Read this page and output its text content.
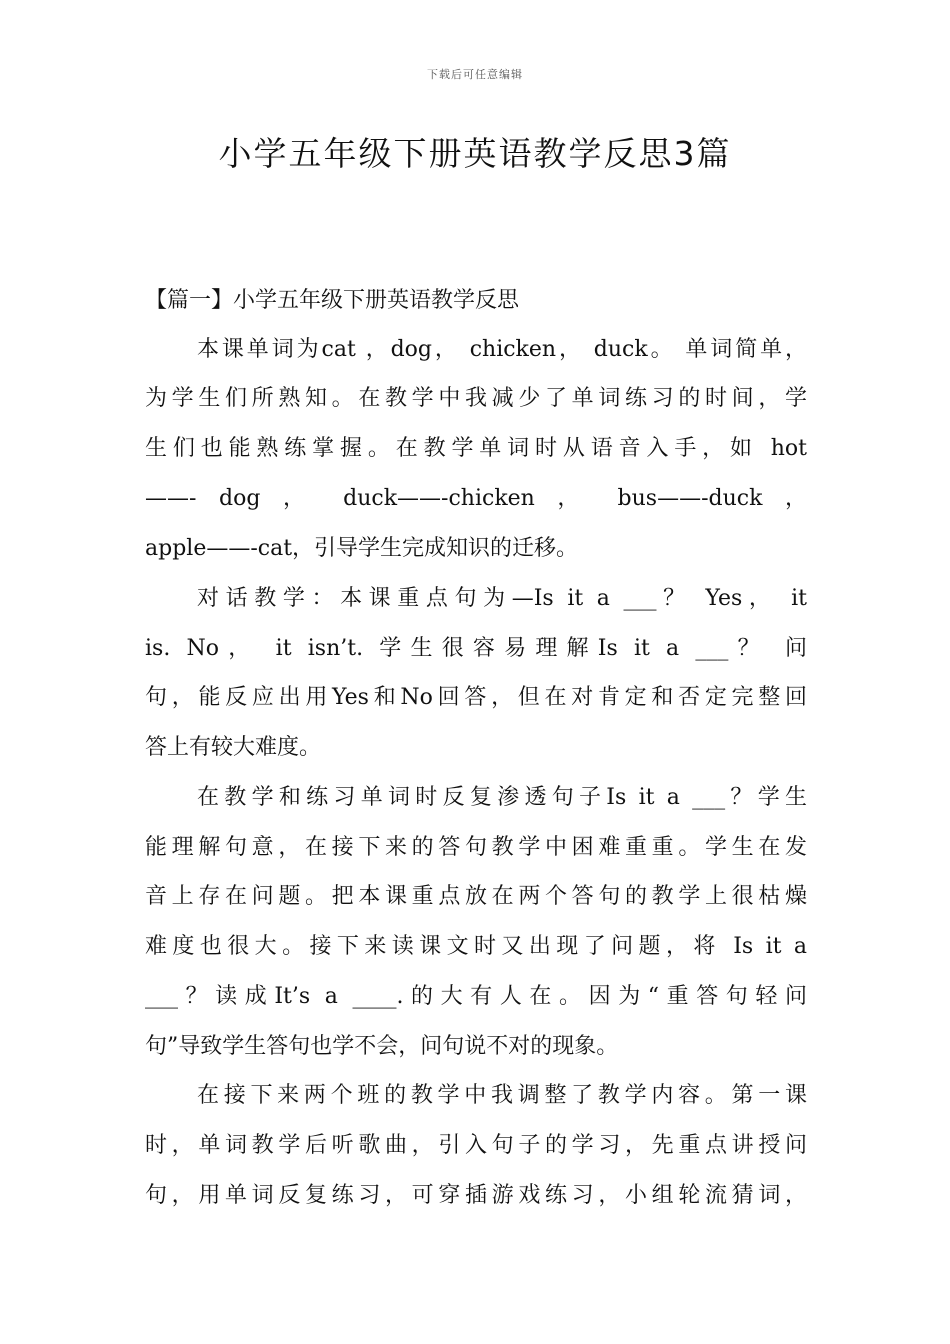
下载后可任意编辑
小学五年级下册英语教学反思3篇
【篇一】小学五年级下册英语教学反思
本课单词为cat ，dog， chicken， duck。 单词简单，
为学生们所熟知。在教学中我减少了单词练习的时间，学
生们也能熟练掌握。在教学单词时从语音入手，如 hot
——- dog ， duck——-chicken ， bus——-duck ，
apple——-cat，引导学生完成知识的迁移。
对话教学：本课重点句为—Is it a ___？ Yes， it
is. No， it isn’t. 学生很容易理解Is it a ___？ 问
句，能反应出用Yes和No回答，但在对肯定和否定完整回
答上有较大难度。
在教学和练习单词时反复渗透句子Is it a ___？学生
能理解句意，在接下来的答句教学中困难重重。学生在发
音上存在问题。把本课重点放在两个答句的教学上很枯燥
难度也很大。接下来读课文时又出现了问题，将 Is it a
___？读成It’s a ____.的大有人在。因为“重答句轻问
句”导致学生答句也学不会，问句说不对的现象。
在接下来两个班的教学中我调整了教学内容。第一课
时，单词教学后听歌曲，引入句子的学习，先重点讲授问
句，用单词反复练习，可穿插游戏练习，小组轮流猜词，
